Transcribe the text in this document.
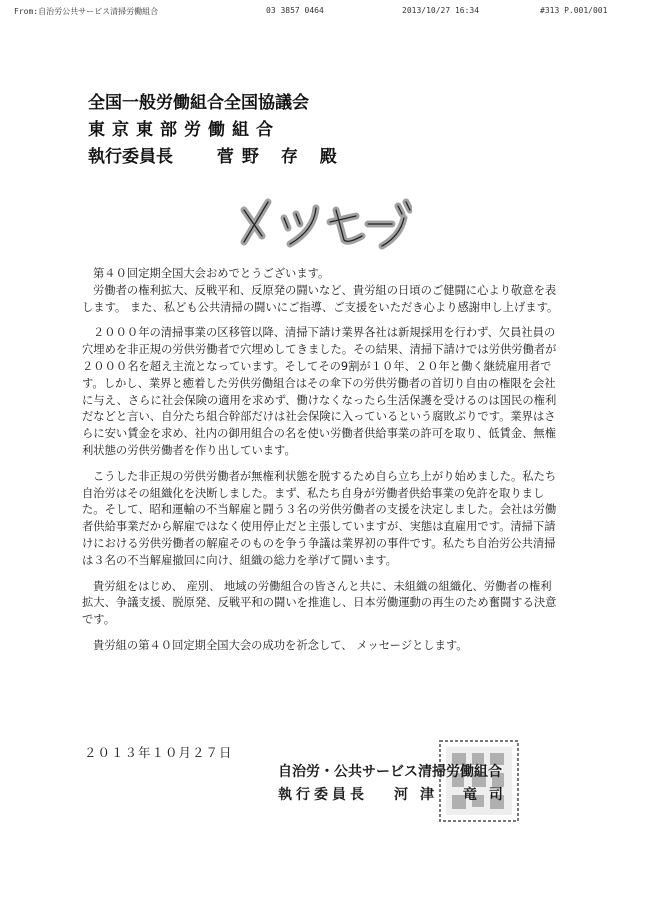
From:自治労公共サービス清掃労働組合	03 3857 0464	2013/10/27 16:34	#313 P.001/001
全国一般労働組合全国協議会
東京東部労働組合
執行委員長	菅野 存 殿
メッセージ

第４０回定期全国大会おめでとうございます。

労働者の権利拡大、反戦平和、反原発の闘いなど、貴労組の日頃のご健闘に心より敬意を表します。 また、私ども公共清掃の闘いにご指導、ご支援をいただき心より感謝申し上げます。

２０００年の清掃事業の区移管以降、清掃下請け業界各社は新規採用を行わず、欠員社員の穴埋めを非正規の労供労働者で穴埋めしてきました。その結果、清掃下請けでは労供労働者が２０００名を超え主流となっています。そしてその9割が１０年、２０年と働く継続雇用者です。しかし、業界と癒着した労供労働組合はその傘下の労供労働者の首切り自由の権限を会社に与え、さらに社会保険の適用を求めず、働けなくなったら生活保護を受けるのは国民の権利だなどと言い、自分たち組合幹部だけは社会保険に入っているという腐敗ぶりです。業界はさらに安い賃金を求め、社内の御用組合の名を使い労働者供給事業の許可を取り、低賃金、無権利状態の労供労働者を作り出しています。

こうした非正規の労供労働者が無権利状態を脱するため自ら立ち上がり始めました。私たち自治労はその組織化を決断しました。まず、私たち自身が労働者供給事業の免許を取りました。そして、昭和運輸の不当解雇と闘う３名の労供労働者の支援を決定しました。会社は労働者供給事業だから解雇ではなく使用停止だと主張していますが、実態は直雇用です。清掃下請けにおける労供労働者の解雇そのものを争う争議は業界初の事件です。私たち自治労公共清掃は３名の不当解雇撤回に向け、組織の総力を挙げて闘います。

貴労組をはじめ、 産別、 地域の労働組合の皆さんと共に、未組織の組織化、労働者の権利拡大、争議支援、脱原発、反戦平和の闘いを推進し、日本労働運動の再生のため奮闘する決意です。

貴労組の第４０回定期全国大会の成功を祈念して、 メッセージとします。

２０１３年１０月２７日
自治労・公共サービス清掃労働組合
執行委員長 河津 竜司
